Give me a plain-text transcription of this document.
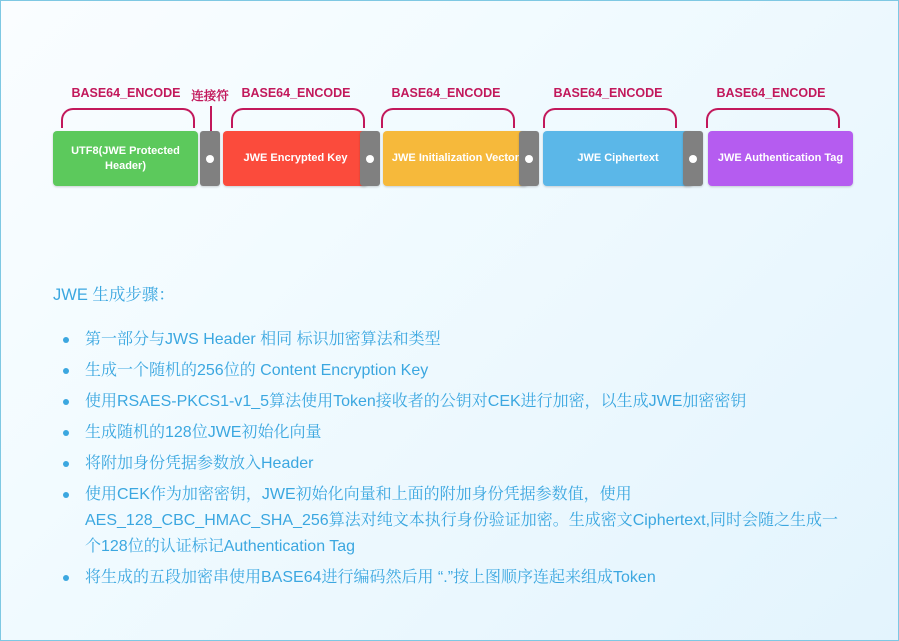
BASE64_ENCODE 连接符	BASE64_ENCODE	BASE64_ENCODE	BASE64_ENCODE	BASE64_ENCODE
UTF8(JWE Protected Header)
JWE Encrypted Key	JWE Initialization Vector	JWE Ciphertext	JWE Authentication Tag
JWE 生成步骤：
第一部分与JWS Header 相同 标识加密算法和类型
生成一个随机的256位的 Content Encryption Key
使用RSAES-PKCS1-v1_5算法使用Token接收者的公钥对CEK进行加密，以生成JWE加密密钥
生成随机的128位JWE初始化向量
将附加身份凭据参数放入Header
使用CEK作为加密密钥，JWE初始化向量和上面的附加身份凭据参数值，使用AES_128_CBC_HMAC_SHA_256算法对纯文本执行身份验证加密。生成密文Ciphertext,同时会随之生成一个128位的认证标记Authentication Tag
将生成的五段加密串使用BASE64进行编码然后用 “.”按上图顺序连起来组成Token
